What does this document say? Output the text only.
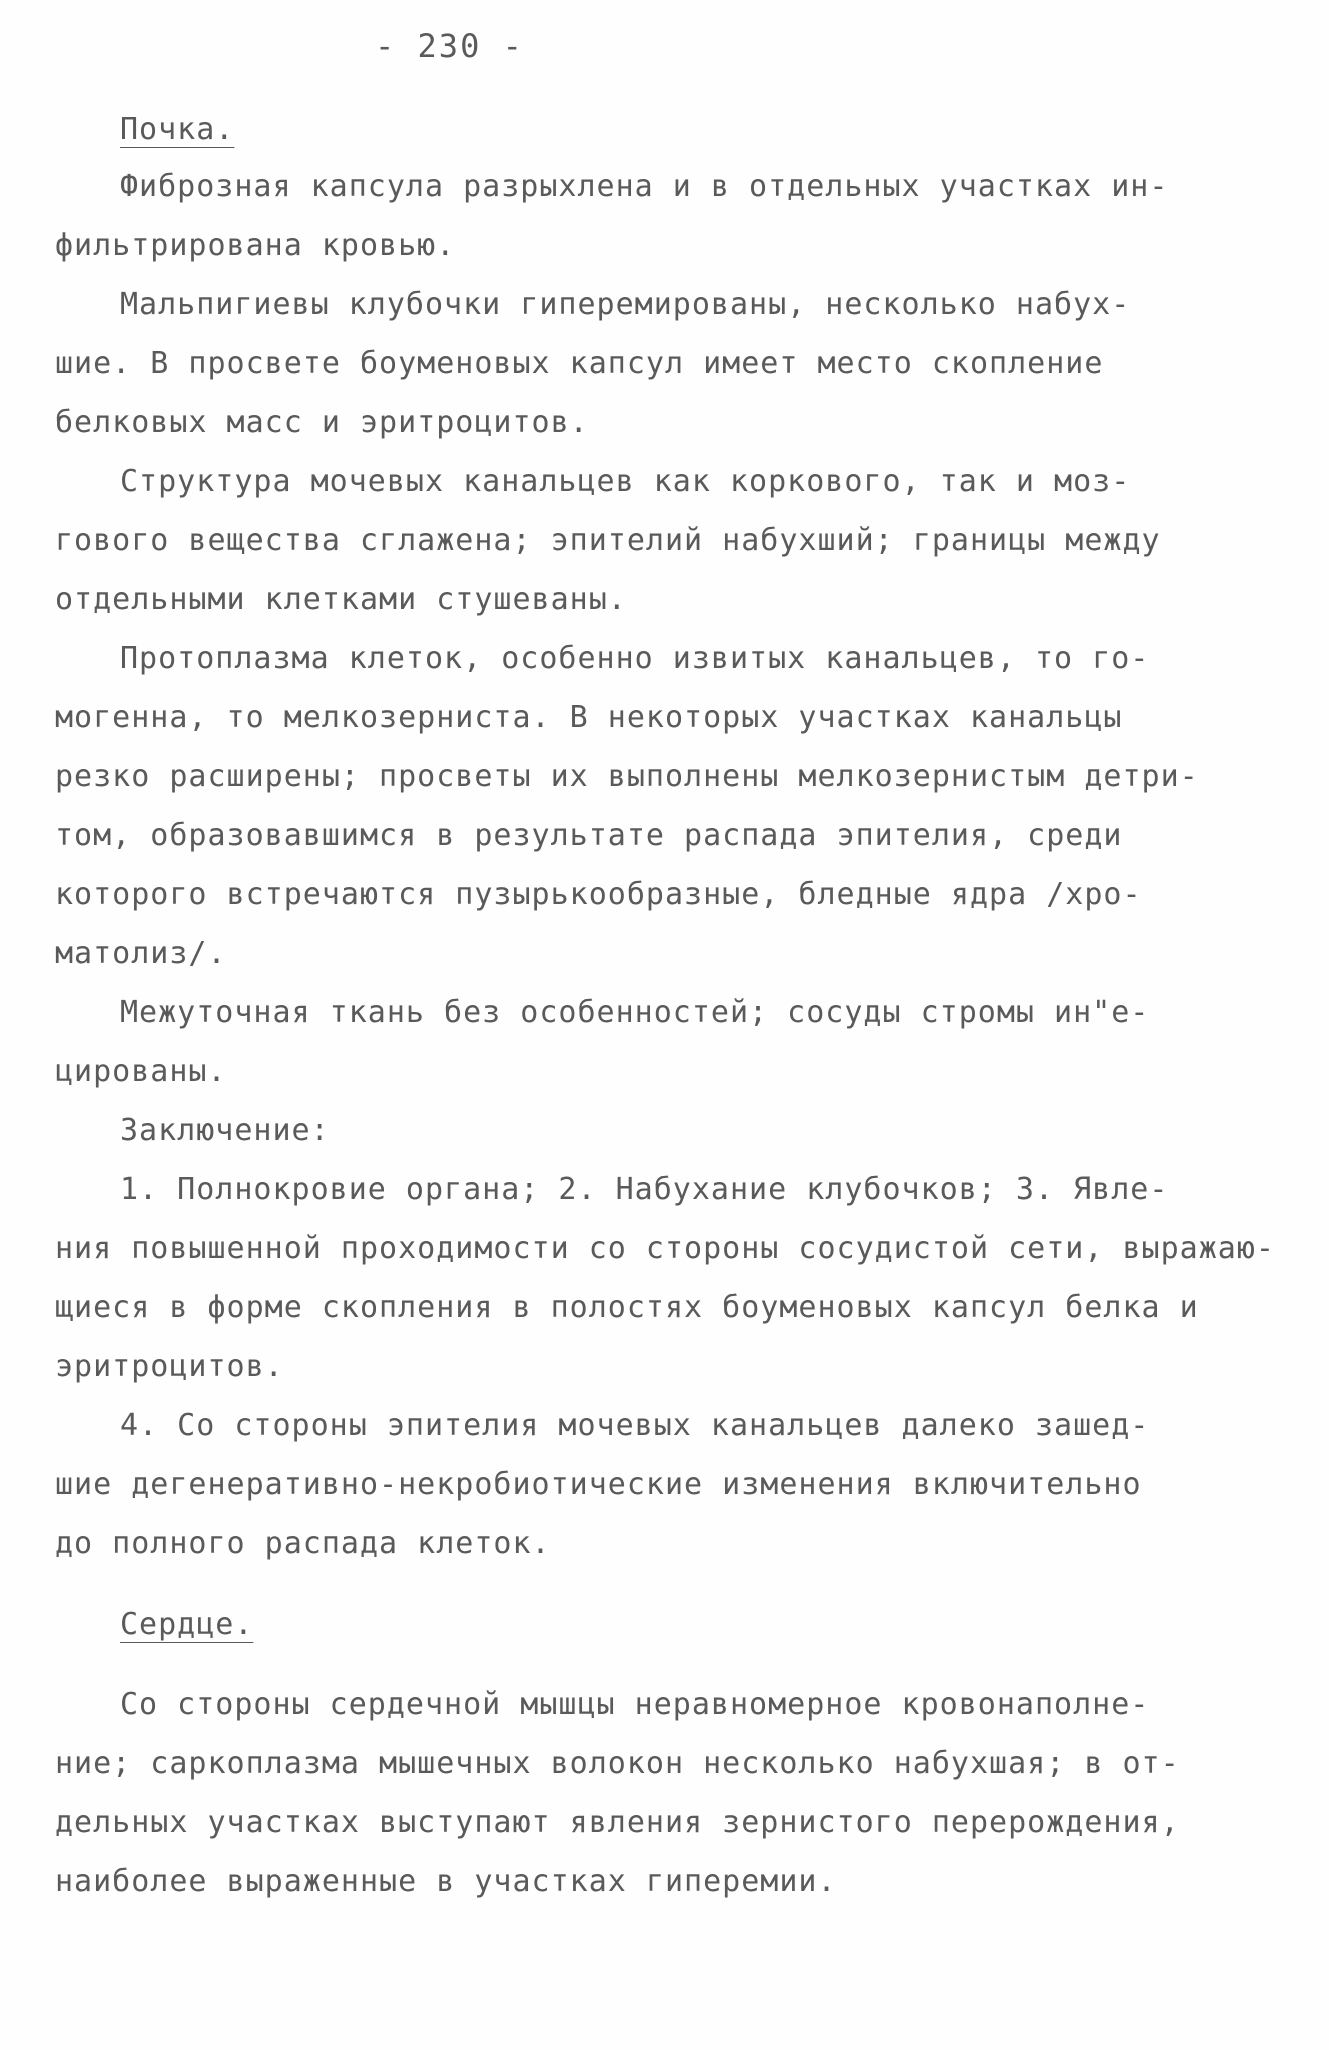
- 230 -
Почка.
Фиброзная капсула разрыхлена и в отдельных участках ин-
фильтрирована кровью.
Мальпигиевы клубочки гиперемированы, несколько набух-
шие. В просвете боуменовых капсул имеет место скопление
белковых масс и эритроцитов.
Структура мочевых канальцев как коркового, так и моз-
гового вещества сглажена; эпителий набухший; границы между
отдельными клетками стушеваны.
Протоплазма клеток, особенно извитых канальцев, то го-
могенна, то мелкозерниста. В некоторых участках канальцы
резко расширены; просветы их выполнены мелкозернистым детри-
том, образовавшимся в результате распада эпителия, среди
которого встречаются пузырькообразные, бледные ядра /хро-
матолиз/.
Межуточная ткань без особенностей; сосуды стромы ин"е-
цированы.
Заключение:
1. Полнокровие органа; 2. Набухание клубочков; 3. Явле-
ния повышенной проходимости со стороны сосудистой сети, выражаю-
щиеся в форме скопления в полостях боуменовых капсул белка и
эритроцитов.
4. Со стороны эпителия мочевых канальцев далеко зашед-
шие дегенеративно-некробиотические изменения включительно
до полного распада клеток.
Сердце.
Со стороны сердечной мышцы неравномерное кровонаполне-
ние; саркоплазма мышечных волокон несколько набухшая; в от-
дельных участках выступают явления зернистого перерождения,
наиболее выраженные в участках гиперемии.
